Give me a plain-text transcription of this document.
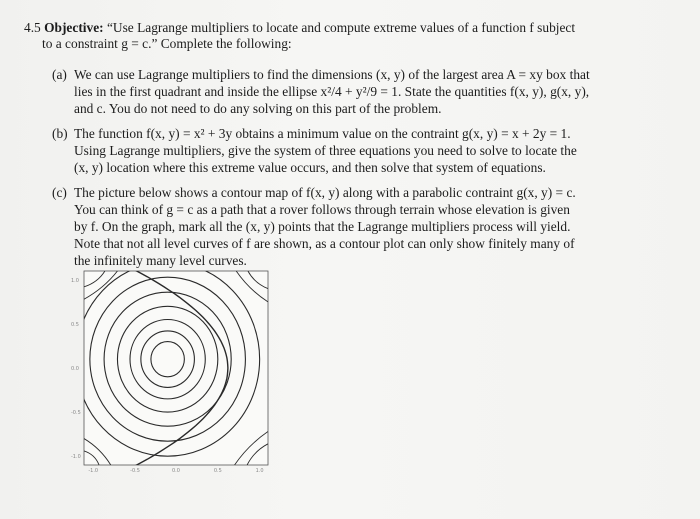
4.5 Objective: “Use Lagrange multipliers to locate and compute extreme values of a function f subject
to a constraint g = c.” Complete the following:
(a) We can use Lagrange multipliers to find the dimensions (x, y) of the largest area A = xy box that
lies in the first quadrant and inside the ellipse x²/4 + y²/9 = 1. State the quantities f(x, y), g(x, y),
and c. You do not need to do any solving on this part of the problem.
(b) The function f(x, y) = x² + 3y obtains a minimum value on the contraint g(x, y) = x + 2y = 1.
Using Lagrange multipliers, give the system of three equations you need to solve to locate the
(x, y) location where this extreme value occurs, and then solve that system of equations.
(c) The picture below shows a contour map of f(x, y) along with a parabolic contraint g(x, y) = c.
You can think of g = c as a path that a rover follows through terrain whose elevation is given
by f. On the graph, mark all the (x, y) points that the Lagrange multipliers process will yield.
Note that not all level curves of f are shown, as a contour plot can only show finitely many of
the infinitely many level curves.
-1.0	-0.5	0.0	0.5	1.0
1.0
0.5
0.0
-0.5
-1.0
